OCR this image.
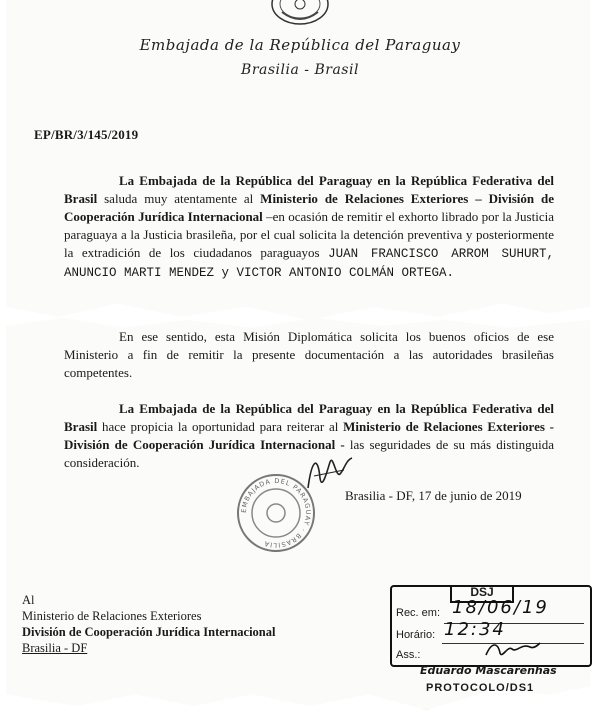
Embajada de la República del Paraguay
Brasilia - Brasil
EP/BR/3/145/2019
La Embajada de la República del Paraguay en la República Federativa del Brasil saluda muy atentamente al Ministerio de Relaciones Exteriores – División de Cooperación Jurídica Internacional –en ocasión de remitir el exhorto librado por la Justicia paraguaya a la Justicia brasileña, por el cual solicita la detención preventiva y posteriormente la extradición de los ciudadanos paraguayos JUAN FRANCISCO ARROM SUHURT, ANUNCIO MARTI MENDEZ y VICTOR ANTONIO COLMÁN ORTEGA.
En ese sentido, esta Misión Diplomática solicita los buenos oficios de ese Ministerio a fin de remitir la presente documentación a las autoridades brasileñas competentes.
La Embajada de la República del Paraguay en la República Federativa del Brasil hace propicia la oportunidad para reiterar al Ministerio de Relaciones Exteriores - División de Cooperación Jurídica Internacional - las seguridades de su más distinguida consideración.
EMBAJADA DEL PARAGUAY · BRASILIA
Brasilia - DF, 17 de junio de 2019
Al
Ministerio de Relaciones Exteriores
División de Cooperación Jurídica Internacional
Brasilia - DF
DSJ
Rec. em: 18/06/19
Horário: 12:34
Ass.:
Eduardo Mascarenhas
PROTOCOLO/DS1
